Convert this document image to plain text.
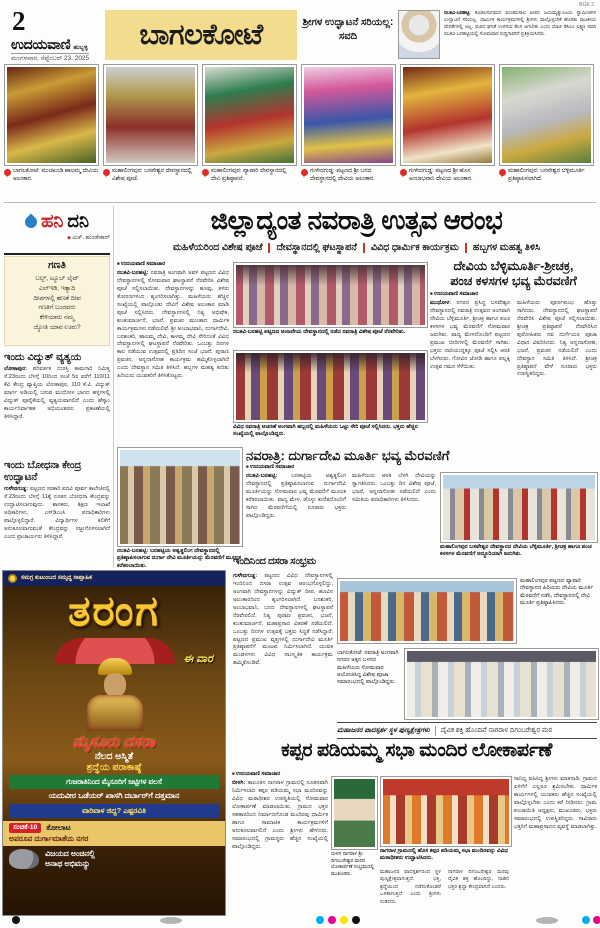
BGK 2
2
ಉದಯವಾಣಿ ಹುಬ್ಬಳ್ಳಿ
ಮಂಗಳವಾರ, ಸೆಪ್ಟೆಂಬರ್ 23, 2025
ಬಾಗಲಕೋಟೆ	ಶ್ರೀಗಳ ಉದ್ಘಾಟನೆ ಸರಿಯಲ್ಲ: ಸವದಿ
ರಬಕವಿ-ಬನಹಟ್ಟಿ: ಕೂಡಲಸಂಗಮದ ಪಂಚಮಸಾಲಿ ಪೀಠದ ಜಯಮೃತ್ಯುಂಜಯ ಸ್ವಾಮೀಜಿಗಳ ಉದ್ಘಾಟನೆ ಸರಿಯಲ್ಲ. ಧಾರ್ಮಿಕ ಕಾರ್ಯಕ್ರಮಗಳಲ್ಲಿ ಶ್ರೀಗಳು ಪಾಲ್ಗೊಳ್ಳಬೇಕೆ ಹೊರತು ರಾಜಕೀಯ ವೇದಿಕೆಗಳಲ್ಲಿ ಅಲ್ಲ. ಮಠದ ಘನತೆ ಉಳಿಸುವ ಕೆಲಸ ಆಗಬೇಕು ಎಂದು ಮಾಜಿ ಡಿಸಿಎಂ ಲಕ್ಷ್ಮಣ ಸವದಿ ರಬಕವಿ-ಬನಹಟ್ಟಿಯಲ್ಲಿ ಸೋಮವಾರ ಸುದ್ದಿಗಾರರಿಗೆ ಪ್ರತಿಕ್ರಿಯಿಸಿದರು.
ಬಾಗಲಕೋಟೆ: ಮುಚಖಂಡಿ ಹಾಲಮ್ಮ ದೇವಿಯ ಅಲಂಕಾರ.
ಮಹಾಲಿಂಗಪುರ: ಬಸವೇಶ್ವರ ದೇವಸ್ಥಾನದಲ್ಲಿ ವಿಶೇಷ ಪೂಜೆ.
ಮಹಾಲಿಂಗಪುರ: ವ್ಯಾಪಾರಿ ದೇವಸ್ಥಾನದಲ್ಲಿ ದೇವಿ ಪ್ರತಿಷ್ಠಾಪನೆ.
ಗುಳೇದಗುಡ್ಡ: ಪಟ್ಟಣದ ಶ್ರೀ ಬನದ ದೇವಸ್ಥಾನದಲ್ಲಿ ದೇವಿಯ ಅಲಂಕಾರ.
ಗುಳೇದಗುಡ್ಡ: ಪಟ್ಟಣದ ಶ್ರೀ ಹೊಸ ಅಂಬಾಭವಾನಿ ದೇವಿಯ ಅಲಂಕಾರ.
ಮಹಾಲಿಂಗಪುರ: ಬಸವೇಶ್ವರ ಬೆಳ್ಳಿಮೂರ್ತಿ ಪ್ರತಿಷ್ಠಾಪಿಸಲಾಗಿದೆ.
ಹನಿ ದನಿ
◆ ಎಚ್. ಹುಂಡೇಕಾರ್
ಗಣತಿ
ಬಲ್ಬ್, ಟ್ಯೂಬ್ ಲೈಟ್
ಎಲ್‌ಇಡಿ, ಇತ್ಯಾದಿ
ದೀಪಗಳಲ್ಲಿ ಹಣತೆ ದೀಪ
ಗಣತಿಗೆ ಬಂದವರು
ಕೇಳಿಯಾರು ನಮ್ಮ
ಜ್ಯೋತಿ ಯಾವ ಊರು?
ಇಂದು ವಿದ್ಯುತ್ ವ್ಯತ್ಯಯ
ಲೋಕಾಪುರ: ಪರಿವರ್ತಕ ದುರಸ್ತಿ ಕಾಮಗಾರಿ ನಿಮಿತ್ತ ಸೆ.23ರಂದು ಬೆಳಗ್ಗೆ 10ರಿಂದ ಸಂಜೆ 5ರ ವರೆಗೆ 110/11 ಕೆವಿ ಕೇಂದ್ರ ವ್ಯಾಪ್ತಿಯ ಲೋಕಾಪುರ, 110 ಕೆ.ವಿ. ವಿದ್ಯುತ್ ಮಾರ್ಗ ಅಡಿಯಲ್ಲಿ ಬರುವ ಮುಧೋಳ ಭಾಗದ ಹಳ್ಳಿಗಳಲ್ಲಿ ವಿದ್ಯುತ್ ಪೂರೈಕೆಯಲ್ಲಿ ವ್ಯತ್ಯಯವಾಗಲಿದೆ ಎಂದು ಹೆಸ್ಕಾಂ ಕಾರ್ಯನಿರ್ವಾಹಕ ಅಭಿಯಂತರರು ಪ್ರಕಟಣೆಯಲ್ಲಿ ತಿಳಿಸಿದ್ದಾರೆ.
ಇಂದು ಬೋಧನಾ ಕೇಂದ್ರ ಉದ್ಘಾಟನೆ
ಗುಳೇದಗುಡ್ಡ: ಪಟ್ಟಣದ ಸರಕಾರಿ ಪದವಿ ಪೂರ್ವ ಕಾಲೇಜಿನಲ್ಲಿ ಸೆ.23ರಂದು ಬೆಳಗ್ಗೆ 11ಕ್ಕೆ ನೂತನ ಬೋಧನಾ ಕೇಂದ್ರವನ್ನು ಉದ್ಘಾಟಿಸಲಾಗುವುದು. ಶಾಸಕರು, ಶಿಕ್ಷಣ ಇಲಾಖೆ ಅಧಿಕಾರಿಗಳು, ಎಸ್‌ಡಿಎಂಸಿ ಪದಾಧಿಕಾರಿಗಳು ಪಾಲ್ಗೊಳ್ಳಲಿದ್ದಾರೆ. ವಿದ್ಯಾರ್ಥಿಗಳ ಕಲಿಕೆಗೆ ಅನುಕೂಲವಾಗುವಂತೆ ಕೇಂದ್ರವನ್ನು ಸಜ್ಜುಗೊಳಿಸಲಾಗಿದೆ ಎಂದು ಪ್ರಾಚಾರ್ಯರು ತಿಳಿಸಿದ್ದಾರೆ.
ಜಿಲ್ಲಾದ್ಯಂತ ನವರಾತ್ರಿ ಉತ್ಸವ ಆರಂಭ
ಮಹಿಳೆಯರಿಂದ ವಿಶೇಷ ಪೂಜೆ ದೇವಸ್ಥಾನದಲ್ಲಿ ಘಟಸ್ಥಾಪನೆ ವಿವಿಧ ಧಾರ್ಮಿಕ ಕಾರ್ಯಕ್ರಮ ಹಬ್ಬಗಳ ಮಹತ್ವ ತಿಳಿಸಿ
■ ಉದಯವಾಣಿ ಸಮಾಚಾರ
ರಬಕವಿ-ಬನಹಟ್ಟಿ: ನವರಾತ್ರಿ ಅಂಗವಾಗಿ ಅವಳಿ ಪಟ್ಟಣದ ವಿವಿಧ ದೇವಸ್ಥಾನಗಳಲ್ಲಿ ಸೋಮವಾರ ಘಟಸ್ಥಾಪನೆ ನೆರವೇರಿಸಿ ವಿಶೇಷ ಪೂಜೆ ಸಲ್ಲಿಸಲಾಯಿತು. ದೇವಸ್ಥಾನಗಳನ್ನು ಹೂವು, ತಳಿರು ತೋರಣಗಳಿಂದ ಶೃಂಗರಿಸಲಾಗಿತ್ತು. ಮಹಿಳೆಯರು ಹೆಚ್ಚಿನ ಸಂಖ್ಯೆಯಲ್ಲಿ ಪಾಲ್ಗೊಂಡು ದೇವಿಗೆ ವಿಶೇಷ ಅಲಂಕಾರ ಮಾಡಿ ಪೂಜೆ ಸಲ್ಲಿಸಿದರು. ದೇವಸ್ಥಾನಗಳಲ್ಲಿ ನಿತ್ಯ ಅಭಿಷೇಕ, ಕುಂಕುಮಾರ್ಚನೆ, ಭಜನೆ, ಪ್ರವಚನ ಮುಂತಾದ ಧಾರ್ಮಿಕ ಕಾರ್ಯಕ್ರಮಗಳು ನಡೆಯಲಿವೆ. ಶ್ರೀ ಅಂಬಾಭವಾನಿ, ದುರ್ಗಾದೇವಿ, ಬನಶಂಕರಿ, ಹಾಲಮ್ಮ ದೇವಿ, ಕಾಳಮ್ಮ ದೇವಿ ಸೇರಿದಂತೆ ವಿವಿಧ ದೇವಸ್ಥಾನಗಳಲ್ಲಿ ಘಟಸ್ಥಾಪನೆ ನೆರವೇರಿತು. ಒಂಬತ್ತು ದಿನಗಳ ಕಾಲ ನಡೆಯುವ ಉತ್ಸವದಲ್ಲಿ ಪ್ರತಿದಿನ ಸಂಜೆ ಭಜನೆ, ಪುರಾಣ ಪ್ರವಚನ, ಅನ್ನದಾಸೋಹ ಕಾರ್ಯಕ್ರಮ ಹಮ್ಮಿಕೊಳ್ಳಲಾಗಿದೆ ಎಂದು ದೇವಸ್ಥಾನ ಸಮಿತಿ ತಿಳಿಸಿದೆ. ಹಬ್ಬಗಳ ಮಹತ್ವ ಕುರಿತು ಹಿರಿಯರು ಯುವಕರಿಗೆ ತಿಳಿಸಿಕೊಟ್ಟರು.
ರಬಕವಿ-ಬನಹಟ್ಟಿ ಪಟ್ಟಣದ ಆಂಜನೇಯ ದೇವಸ್ಥಾನದಲ್ಲಿ ನಡೆದ ನವರಾತ್ರಿ ವಿಶೇಷ ಪೂಜೆ ನೆರವೇರಿತು.
ವಿವಿಧ ನವರಾತ್ರಿ ಆಚರಣೆ ಅಂಗವಾಗಿ ಹಬ್ಬದಲ್ಲಿ ಮಹಿಳೆಯರು ಒಟ್ಟು ಸೇರಿ ಪೂಜೆ ಸಲ್ಲಿಸಿದರು. ಭಕ್ತರು ಹೆಚ್ಚಿನ ಸಂಖ್ಯೆಯಲ್ಲಿ ಪಾಲ್ಗೊಂಡಿದ್ದರು.
ದೇವಿಯ ಬೆಳ್ಳಿಮೂರ್ತಿ-ಶ್ರೀಚಕ್ರ,
ಪಂಚ ಕಳಸಗಳ ಭವ್ಯ ಮೆರವಣಿಗೆ
■ ಉದಯವಾಣಿ ಸಮಾಚಾರ
ಮುಧೋಳ: ನಗರದ ಪ್ರಸಿದ್ಧ ಬಸವೇಶ್ವರ ದೇವಸ್ಥಾನದಲ್ಲಿ ನವರಾತ್ರಿ ಉತ್ಸವದ ಅಂಗವಾಗಿ ದೇವಿಯ ಬೆಳ್ಳಿಮೂರ್ತಿ, ಶ್ರೀಚಕ್ರ ಹಾಗೂ ಪಂಚ ಕಳಸಗಳ ಭವ್ಯ ಮೆರವಣಿಗೆ ಸೋಮವಾರ ಜರುಗಿತು. ವಾದ್ಯ ಮೇಳದೊಂದಿಗೆ ಪಟ್ಟಣದ ಪ್ರಮುಖ ಬೀದಿಗಳಲ್ಲಿ ಮೆರವಣಿಗೆ ಸಾಗಿತು. ಭಕ್ತರು ದಾರಿಯುದ್ದಕ್ಕೂ ಪೂಜೆ ಸಲ್ಲಿಸಿ ಆರತಿ ಬೆಳಗಿದರು. ಗೋವಿನ ಜೋಡಿ ಹಾಗೂ ಪಲ್ಲಕ್ಕಿ ಉತ್ಸವ ಗಮನ ಸೆಳೆಯಿತು.
ಮಹಿಳೆಯರು ಪೂರ್ಣಕುಂಭ ಹೊತ್ತು ಸಾಗಿದರು. ದೇವಸ್ಥಾನದಲ್ಲಿ ಘಟಸ್ಥಾಪನೆ ನೆರವೇರಿಸಿ ವಿಶೇಷ ಪೂಜೆ ಸಲ್ಲಿಸಲಾಯಿತು. ಶ್ರೀಚಕ್ರ ಪ್ರತಿಷ್ಠಾಪನೆ ನೆರವೇರಿಸಿದ ಪುರೋಹಿತರು ನವ ದುರ್ಗೆಯರ ಪೂಜಾ ವಿಧಾನ ವಿವರಿಸಿದರು. ನಿತ್ಯ ಅನ್ನದಾಸೋಹ, ಭಜನೆ, ಪ್ರವಚನ ನಡೆಯಲಿದೆ ಎಂದು ದೇವಸ್ಥಾನ ಸಮಿತಿ ತಿಳಿಸಿದೆ. ಶ್ರೀಚಕ್ರ ಪ್ರತಿಷ್ಠಾಪನೆ ವೇಳೆ ನೂರಾರು ಭಕ್ತರು ಉಪಸ್ಥಿತರಿದ್ದರು.
ಮಹಾಲಿಂಗಪುರ ಬಸವೇಶ್ವರ ದೇವಸ್ಥಾನದ ದೇವಿಯ ಬೆಳ್ಳಿಮೂರ್ತಿ, ಶ್ರೀಚಕ್ರ ಹಾಗೂ ಪಂಚ ಕಳಸಗಳ ಮೆರವಣಿಗೆ ಅದ್ಧೂರಿಯಾಗಿ ಜರುಗಿತು.
ರಬಕವಿ-ಬನಹಟ್ಟಿ: ಬನಹಟ್ಟಿಯ ಅಶ್ವತ್ಥಲಿಂಗ ದೇವಸ್ಥಾನದಲ್ಲಿ ಪ್ರತಿಷ್ಠಾಪಿಸಲಾಗುವ ದುರ್ಗಾ ದೇವಿ ಮೂರ್ತಿಯನ್ನು ಮೆರವಣಿಗೆ ಮೂಲಕ ಕರೆತರಲಾಯಿತು.
ನವರಾತ್ರಿ: ದುರ್ಗಾದೇವಿ ಮೂರ್ತಿ ಭವ್ಯ ಮೆರವಣಿಗೆ
■ ಉದಯವಾಣಿ ಸಮಾಚಾರ
ರಬಕವಿ-ಬನಹಟ್ಟಿ: ಬನಹಟ್ಟಿಯ ಅಶ್ವತ್ಥಲಿಂಗ ದೇವಸ್ಥಾನದಲ್ಲಿ ಪ್ರತಿಷ್ಠಾಪಿಸಲಾಗುವ ದುರ್ಗಾದೇವಿ ಮೂರ್ತಿಯನ್ನು ಸೋಮವಾರ ಭವ್ಯ ಮೆರವಣಿಗೆ ಮೂಲಕ ಕರೆತರಲಾಯಿತು. ವಾದ್ಯ ಮೇಳ, ಡೊಳ್ಳು ಕುಣಿತದೊಂದಿಗೆ ಸಾಗಿದ ಮೆರವಣಿಗೆಯಲ್ಲಿ ನೂರಾರು ಭಕ್ತರು ಪಾಲ್ಗೊಂಡಿದ್ದರು.
ಮಹಿಳೆಯರು ಆರತಿ ಬೆಳಗಿ ದೇವಿಯನ್ನು ಸ್ವಾಗತಿಸಿದರು. ಒಂಬತ್ತು ದಿನ ವಿಶೇಷ ಪೂಜೆ, ಭಜನೆ, ಅನ್ನದಾಸೋಹ ನಡೆಯಲಿದೆ ಎಂದು ಸಮಿತಿಯ ಪದಾಧಿಕಾರಿಗಳು ತಿಳಿಸಿದರು.
ಇಂದಿನಿಂದ ದಸರಾ ಸಂಭ್ರಮ
ಗುಳೇದಗುಡ್ಡ: ಪಟ್ಟಣದ ವಿವಿಧ ದೇವಸ್ಥಾನಗಳಲ್ಲಿ ಇಂದಿನಿಂದ ದಸರಾ ಉತ್ಸವ ಆರಂಭಗೊಳ್ಳಲಿದ್ದು, ಅಂಗವಾಗಿ ದೇವಸ್ಥಾನಗಳನ್ನು ವಿದ್ಯುತ್ ದೀಪ, ಹೂವಿನ ಅಲಂಕಾರದಿಂದ ಶೃಂಗರಿಸಲಾಗಿದೆ. ಬನಶಂಕರಿ, ಅಂಬಾಭವಾನಿ, ಬನದ ದೇವಸ್ಥಾನಗಳಲ್ಲಿ ಘಟಸ್ಥಾಪನೆ ನೆರವೇರಲಿದೆ. ನಿತ್ಯ ಪುರಾಣ ಪ್ರವಚನ, ಭಜನೆ, ಕುಂಕುಮಾರ್ಚನೆ, ಮಹಾಪ್ರಸಾದ ವಿತರಣೆ ನಡೆಯಲಿದೆ. ಒಂಬತ್ತು ದಿನಗಳ ಉತ್ಸವಕ್ಕೆ ಭಕ್ತರು ಸಿದ್ಧತೆ ನಡೆಸಿದ್ದಾರೆ. ಪಟ್ಟಣದ ಪ್ರಮುಖ ವೃತ್ತಗಳಲ್ಲಿ ದುರ್ಗಾದೇವಿ ಮೂರ್ತಿ ಪ್ರತಿಷ್ಠಾಪನೆಗೆ ಮಂಟಪ ನಿರ್ಮಿಸಲಾಗಿದೆ. ಯುವಕ ಮಂಡಳಗಳು ವಿವಿಧ ಸಾಂಸ್ಕೃತಿಕ ಕಾರ್ಯಕ್ರಮ ಹಮ್ಮಿಕೊಂಡಿವೆ.
ಮಹಾಲಿಂಗಪುರ ಪಟ್ಟಣದ ವ್ಯಾಪಾರಿ ದೇವಸ್ಥಾನದ ಹಿರಿಯರು ದೇವಿಯ ಮೂರ್ತಿ ಮೆರವಣಿಗೆ ನಡೆಸಿ, ದೇವಸ್ಥಾನದಲ್ಲಿ ದೇವಿ ಮೂರ್ತಿ ಪ್ರತಿಷ್ಠಾಪಿಸಿದರು.
ಬಾಗಲಕೋಟೆ: ನವರಾತ್ರಿ ಅಂಗವಾಗಿ ನಗರದ ಅಕ್ಕನ ಬಳಗದ ಮಹಿಳೆಯರು ಸೋಮವಾರ ಆಯೋಜಿಸಿದ್ದ ವಿಶೇಷ ಪೂಜಾ ಸಮಾರಂಭದಲ್ಲಿ ಪಾಲ್ಗೊಂಡಿದ್ದರು.
ಮಹಾಜನರ ಪಾದಸ್ಪರ್ಶ ಸ್ಥಳ ಪುಣ್ಯಕ್ಷೇತ್ರಗಳು ದೈವಿಕ ಶಕ್ತಿ ಹೊಂದಿವೆ ನಾಗರಾಳ ದಿಗಂಬರೇಶ್ವರ ಮಠ
ಕಪ್ಪರ ಪಡಿಯಮ್ಮ ಸಭಾ ಮಂದಿರ ಲೋಕಾರ್ಪಣೆ
■ ಉದಯವಾಣಿ ಸಮಾಚಾರ
ಬೀಳಗಿ: ತಾಲೂಕಿನ ನಾಗರಾಳ ಗ್ರಾಮದಲ್ಲಿ ನೂತನವಾಗಿ ನಿರ್ಮಿಸಲಾದ ಕಪ್ಪರ ಪಡಿಯಮ್ಮ ಸಭಾ ಮಂದಿರವನ್ನು ವಿವಿಧ ಮಠಾಧೀಶರ ಉಪಸ್ಥಿತಿಯಲ್ಲಿ ಸೋಮವಾರ ಲೋಕಾರ್ಪಣೆ ಮಾಡಲಾಯಿತು. ಗ್ರಾಮದ ಭಕ್ತರ ಸಹಕಾರದಿಂದ ನಿರ್ಮಾಣಗೊಂಡ ಮಂದಿರವು ಧಾರ್ಮಿಕ ಹಾಗೂ ಸಾಮಾಜಿಕ ಕಾರ್ಯಕ್ರಮಗಳಿಗೆ ಅನುಕೂಲವಾಗಲಿದೆ ಎಂದು ಶ್ರೀಗಳು ಹೇಳಿದರು. ಸಮಾರಂಭದಲ್ಲಿ ಗ್ರಾಮಸ್ಥರು ಹೆಚ್ಚಿನ ಸಂಖ್ಯೆಯಲ್ಲಿ ಪಾಲ್ಗೊಂಡಿದ್ದರು.
ಬೀಳಗಿ ನಾಗರಾಳ ಶ್ರೀ ದಿಗಂಬರೇಶ್ವರ ಮಠದ ಲೋಕಾರ್ಪಣೆ ಸಂಭ್ರಮದಲ್ಲಿ ಮುಖಂಡರು.
ನಾಗರಾಳ ಗ್ರಾಮದಲ್ಲಿ ಹೊಸ ಕಪ್ಪರ ಪಡಿಯಮ್ಮ ಸಭಾ ಮಂದಿರವನ್ನು ವಿವಿಧ ಮಠಾಧೀಶರು ಉದ್ಘಾಟಿಸಿದರು.
ಮಹಾಜನರ ಪಾದಸ್ಪರ್ಶದಿಂದ ಸ್ಥಳ ಪುಣ್ಯಕ್ಷೇತ್ರವಾಗುತ್ತದೆ. ಭಕ್ತಿ, ಶ್ರದ್ಧೆಯಿಂದ ನಡೆದುಕೊಂಡರೆ ಒಳಿತಾಗುತ್ತದೆ ಎಂದು ಶ್ರೀಗಳು ನುಡಿದರು.
ನಾಗರಾಳ ದಿಗಂಬರೇಶ್ವರ ಮಠವು ದೈವಿಕ ಶಕ್ತಿ ಹೊಂದಿದ್ದು, ನಾಡಿನ ಭಕ್ತರ ಶ್ರದ್ಧಾ ಕೇಂದ್ರವಾಗಿದೆ ಎಂದರು.
ಸಾನಿಧ್ಯ ವಹಿಸಿದ್ದ ಶ್ರೀಗಳು ಮಾತನಾಡಿ, ಗ್ರಾಮದ ಏಳಿಗೆಗೆ ಎಲ್ಲರೂ ಶ್ರಮಿಸಬೇಕು. ಧಾರ್ಮಿಕ ಕಾರ್ಯಗಳಲ್ಲಿ ಯುವಕರು ಹೆಚ್ಚಿನ ಸಂಖ್ಯೆಯಲ್ಲಿ ಪಾಲ್ಗೊಳ್ಳಬೇಕು ಎಂದು ಕರೆ ನೀಡಿದರು. ಗ್ರಾಮ ಪಂಚಾಯಿತಿ ಅಧ್ಯಕ್ಷರು, ಮುಖಂಡರು, ಭಕ್ತರು ಸಮಾರಂಭದಲ್ಲಿ ಉಪಸ್ಥಿತರಿದ್ದರು. ಸಾವಿರಾರು ಭಕ್ತರಿಗೆ ಮಹಾಪ್ರಸಾದದ ವ್ಯವಸ್ಥೆ ಮಾಡಲಾಗಿತ್ತು.
ಸಮಗ್ರ ಕುಟುಂಬದ ಸಮೃದ್ಧ ಸಾಪ್ತಾಹಿಕ
ತರಂಗ
ಈ ವಾರ
ಮೈಸೂರು ದಸರಾ
ನೆಲದ ಅಸ್ಮಿತೆ
ಶ್ರದ್ಧೆಯ ಪರಾಕಾಷ್ಠೆ
ಗುಜರಾತಿನಿಂದ ಮೈಸೂರಿಗೆ ಜಟ್ಟಿಗಳ ವಲಸೆ
ಯದುವೀರ ಒಡೆಯರ್ ಖಾಸಗಿ ದರ್ಬಾರ್‌ಗೆ ದತ್ತಮಾನ
ವಾರಿವಾಳ ಜಿದ್ದ? ಎಷ್ಟರವಿತಿ
ಸಂಚಿಕೆ-10	ಕೋಲಾಟ
ಅಪರೂಪ ದುರ್ಗಾಮಾತೆಯ ನಗರ
ವಿಜಯದ ಅಂಚಿನಲ್ಲಿ
ಅನಾಥ ಅಭಿಮನ್ಯು
